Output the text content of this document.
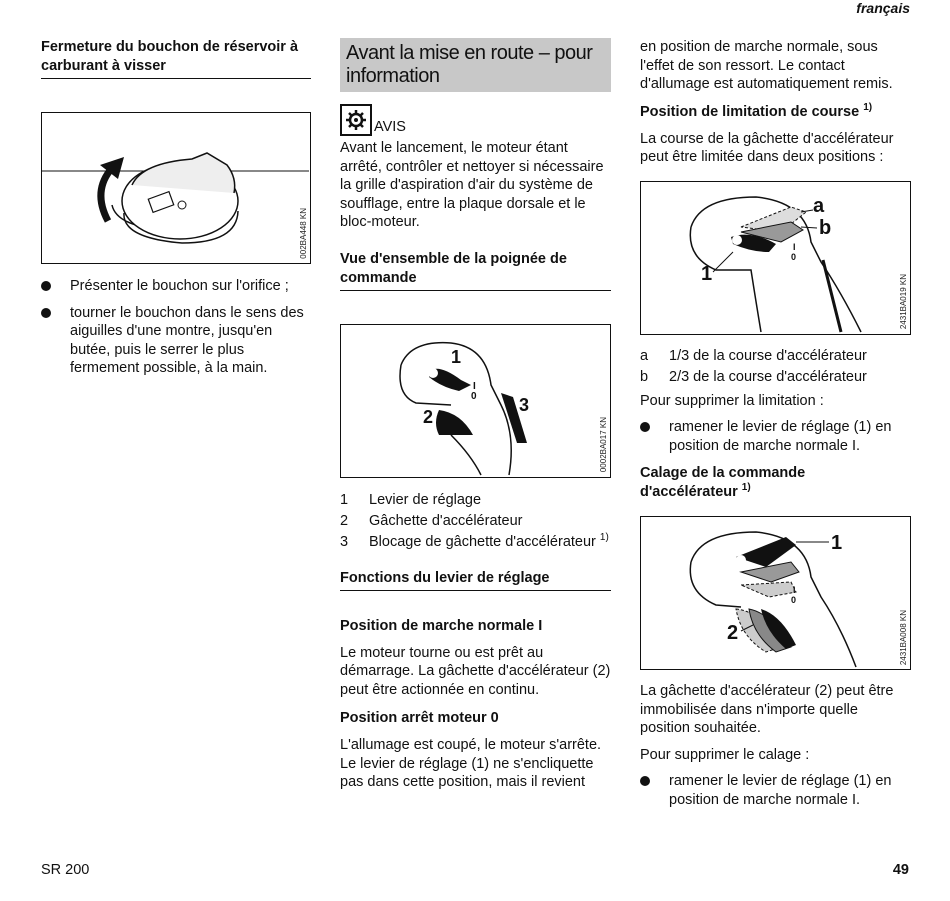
français
Fermeture du bouchon de réservoir à carburant à visser
002BA448 KN
Présenter le bouchon sur l'orifice ;
tourner le bouchon dans le sens des aiguilles d'une montre, jusqu'en butée, puis le serrer le plus fermement possible, à la main.
Avant la mise en route – pour information
AVIS

Avant le lancement, le moteur étant arrêté, contrôler et nettoyer si nécessaire la grille d'aspiration d'air du système de soufflage, entre la plaque dorsale et le bloc-moteur.

Vue d'ensemble de la poignée de commande
1
I
0
2
3
0002BA017 KN
1 Levier de réglage
2 Gâchette d'accélérateur
3 Blocage de gâchette d'accélérateur $^{1)}$
Fonctions du levier de réglage
Position de marche normale I

Le moteur tourne ou est prêt au démarrage. La gâchette d'accélérateur (2) peut être actionnée en continu.

Position arrêt moteur 0

L'allumage est coupé, le moteur s'arrête. Le levier de réglage (1) ne s'encliquette pas dans cette position, mais il revient

en position de marche normale, sous l'effet de son ressort. Le contact d'allumage est automatiquement remis.

Position de limitation de course $^{1)}$

La course de la gâchette d'accélérateur peut être limitée dans deux positions :

I
0
a
b
1
2431BA019 KN
a 1/3 de la course d'accélérateur
b 2/3 de la course d'accélérateur

Pour supprimer la limitation :

ramener le levier de réglage (1) en position de marche normale I.
Calage de la commande d'accélérateur $^{1)}$
I
0
1
2	2431BA008 KN

La gâchette d'accélérateur (2) peut être immobilisée dans n'importe quelle position souhaitée.

Pour supprimer le calage :

ramener le levier de réglage (1) en position de marche normale I.
SR 200	49
